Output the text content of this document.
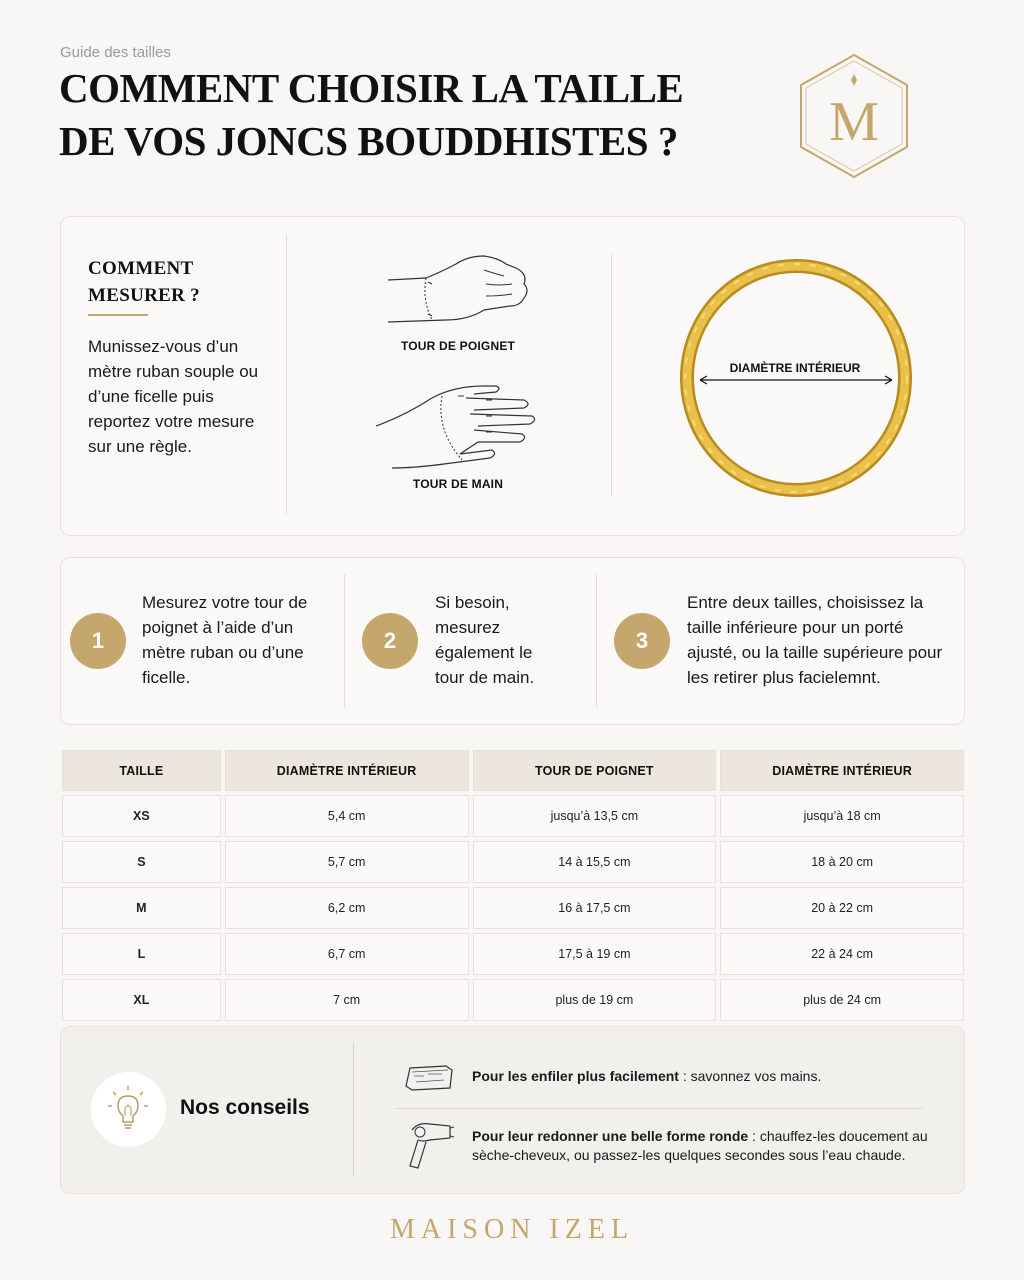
Guide des tailles
COMMENT CHOISIR LA TAILLE
DE VOS JONCS BOUDDHISTES ?	M
COMMENT
MESURER ?
Munissez-vous d’un mètre ruban souple ou d’une ficelle puis reportez votre mesure sur une règle.
TOUR DE POIGNET
TOUR DE MAIN
DIAMÈTRE INTÉRIEUR
1
Mesurez votre tour de poignet à l’aide d’un mètre ruban ou d’une ficelle.
2
Si besoin, mesurez également le tour de main.
3
Entre deux tailles, choisissez la taille inférieure pour un porté ajusté, ou la taille supérieure pour les retirer plus facielemnt.
TAILLE	DIAMÈTRE INTÉRIEUR	TOUR DE POIGNET	DIAMÈTRE INTÉRIEUR
XS	5,4 cm	jusqu’à 13,5 cm	jusqu’à 18 cm
S	5,7 cm	14 à 15,5 cm	18 à 20 cm
M	6,2 cm	16 à 17,5 cm	20 à 22 cm
L	6,7 cm	17,5 à 19 cm	22 à 24 cm
XL	7 cm	plus de 19 cm	plus de 24 cm
Nos conseils
Pour les enfiler plus facilement : savonnez vos mains.
Pour leur redonner une belle forme ronde : chauffez-les doucement au sèche-cheveux, ou passez-les quelques secondes sous l’eau chaude.
MAISON IZEL
